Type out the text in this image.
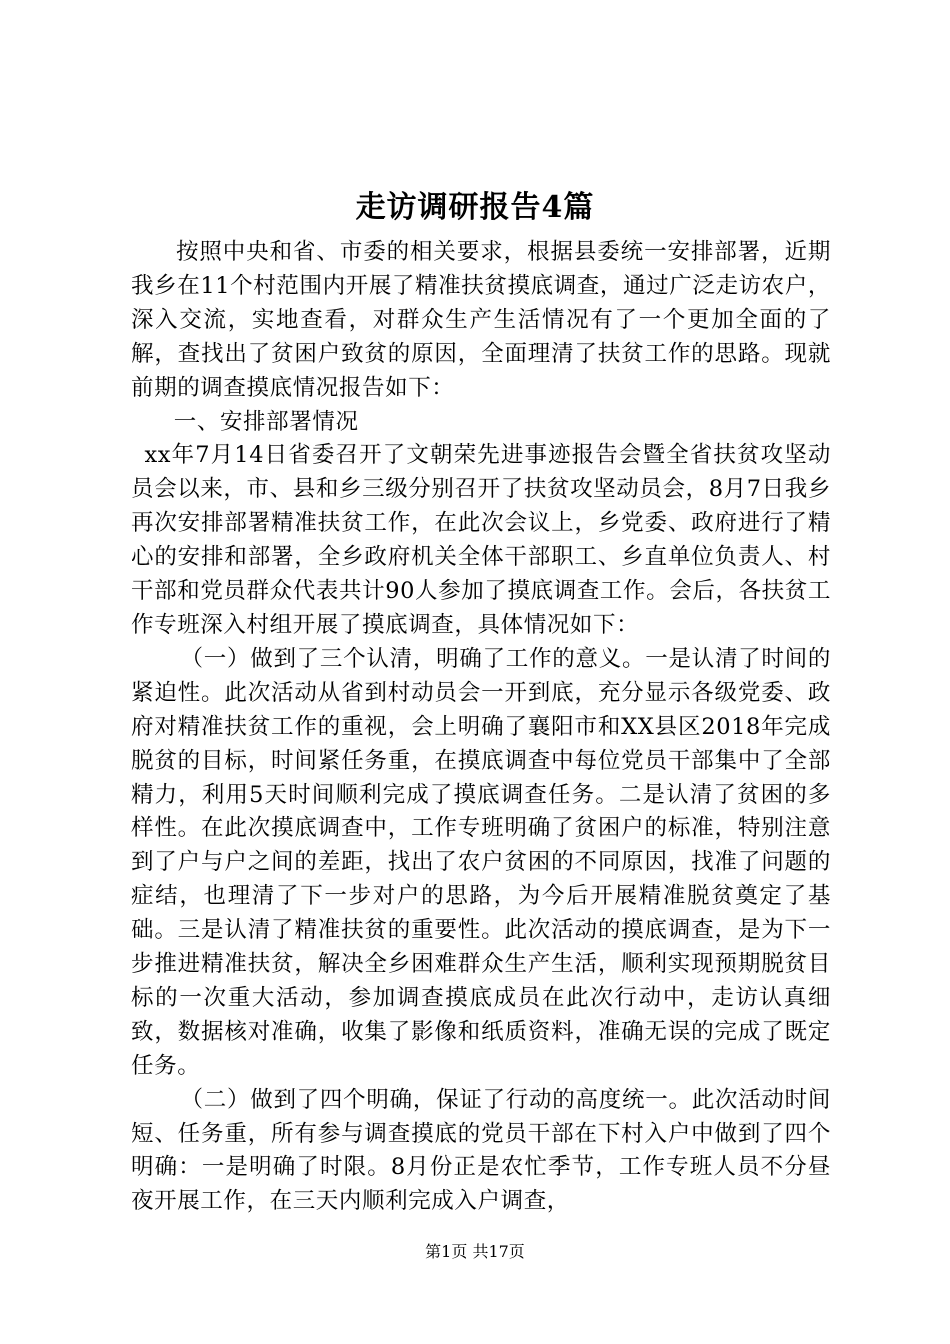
走访调研报告4篇

按照中央和省、市委的相关要求，根据县委统一安排部署，近期我乡在11个村范围内开展了精准扶贫摸底调查，通过广泛走访农户，深入交流，实地查看，对群众生产生活情况有了一个更加全面的了解，查找出了贫困户致贫的原因，全面理清了扶贫工作的思路。现就前期的调查摸底情况报告如下：

一、安排部署情况

xx年7月14日省委召开了文朝荣先进事迹报告会暨全省扶贫攻坚动员会以来，市、县和乡三级分别召开了扶贫攻坚动员会，8月7日我乡再次安排部署精准扶贫工作，在此次会议上，乡党委、政府进行了精心的安排和部署，全乡政府机关全体干部职工、乡直单位负责人、村干部和党员群众代表共计90人参加了摸底调查工作。会后，各扶贫工作专班深入村组开展了摸底调查，具体情况如下：

（一）做到了三个认清，明确了工作的意义。一是认清了时间的紧迫性。此次活动从省到村动员会一开到底，充分显示各级党委、政府对精准扶贫工作的重视，会上明确了襄阳市和XX县区2018年完成脱贫的目标，时间紧任务重，在摸底调查中每位党员干部集中了全部精力，利用5天时间顺利完成了摸底调查任务。二是认清了贫困的多样性。在此次摸底调查中，工作专班明确了贫困户的标准，特别注意到了户与户之间的差距，找出了农户贫困的不同原因，找准了问题的症结，也理清了下一步对户的思路，为今后开展精准脱贫奠定了基础。三是认清了精准扶贫的重要性。此次活动的摸底调查，是为下一步推进精准扶贫，解决全乡困难群众生产生活，顺利实现预期脱贫目标的一次重大活动，参加调查摸底成员在此次行动中，走访认真细致，数据核对准确，收集了影像和纸质资料，准确无误的完成了既定任务。

（二）做到了四个明确，保证了行动的高度统一。此次活动时间短、任务重，所有参与调查摸底的党员干部在下村入户中做到了四个明确：一是明确了时限。8月份正是农忙季节，工作专班人员不分昼夜开展工作，在三天内顺利完成入户调查，

第1页 共17页
